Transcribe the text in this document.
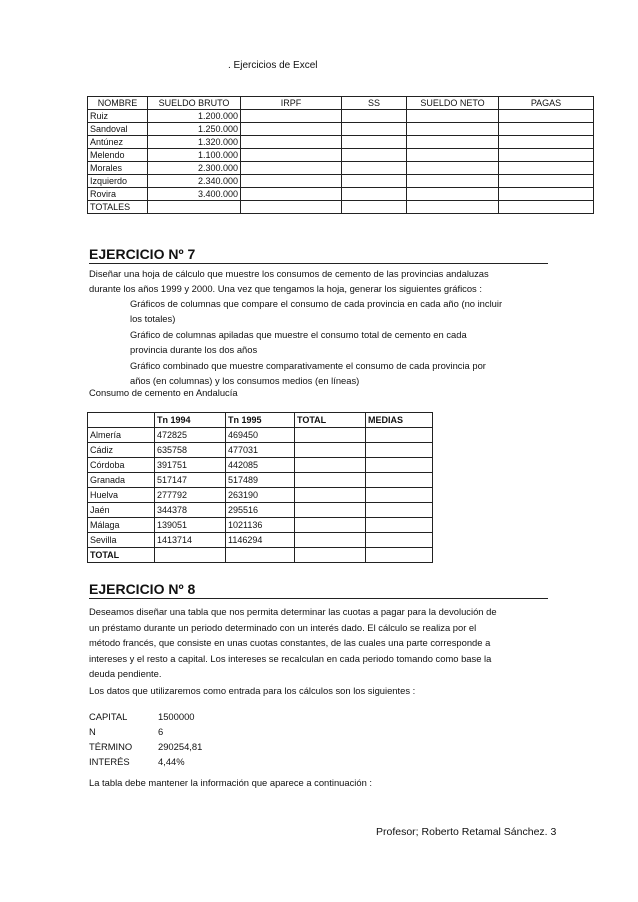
. Ejercicios de Excel
NOMBRE	SUELDO BRUTO	IRPF	SS	SUELDO NETO	PAGAS
Ruiz	1.200.000				
Sandoval	1.250.000				
Antúnez	1.320.000				
Melendo	1.100.000				
Morales	2.300.000				
Izquierdo	2.340.000				
Rovira	3.400.000				
TOTALES					
EJERCICIO Nº 7
Diseñar una hoja de cálculo que muestre los consumos de cemento de las provincias andaluzas
durante los años 1999 y 2000. Una vez que tengamos la hoja, generar los siguientes gráficos :
Gráficos de columnas que compare el consumo de cada provincia en cada año (no incluir
los totales)
Gráfico de columnas apiladas que muestre el consumo total de cemento en cada
provincia durante los dos años
Gráfico combinado que muestre comparativamente el consumo de cada provincia por
años (en columnas) y los consumos medios (en líneas)
Consumo de cemento en Andalucía
	Tn 1994	Tn 1995	TOTAL	MEDIAS
Almería	472825	469450		
Cádiz	635758	477031		
Córdoba	391751	442085		
Granada	517147	517489		
Huelva	277792	263190		
Jaén	344378	295516		
Málaga	139051	1021136		
Sevilla	1413714	1146294		
TOTAL				
EJERCICIO Nº 8
Deseamos diseñar una tabla que nos permita determinar las cuotas a pagar para la devolución de
un préstamo durante un periodo determinado con un interés dado. El cálculo se realiza por el
método francés, que consiste en unas cuotas constantes, de las cuales una parte corresponde a
intereses y el resto a capital. Los intereses se recalculan en cada periodo tomando como base la
deuda pendiente.
Los datos que utilizaremos como entrada para los cálculos son los siguientes :
CAPITAL	1500000
N	6
TÉRMINO	290254,81
INTERÉS	4,44%
La tabla debe mantener la información que aparece a continuación :
Profesor; Roberto Retamal Sánchez. 3
